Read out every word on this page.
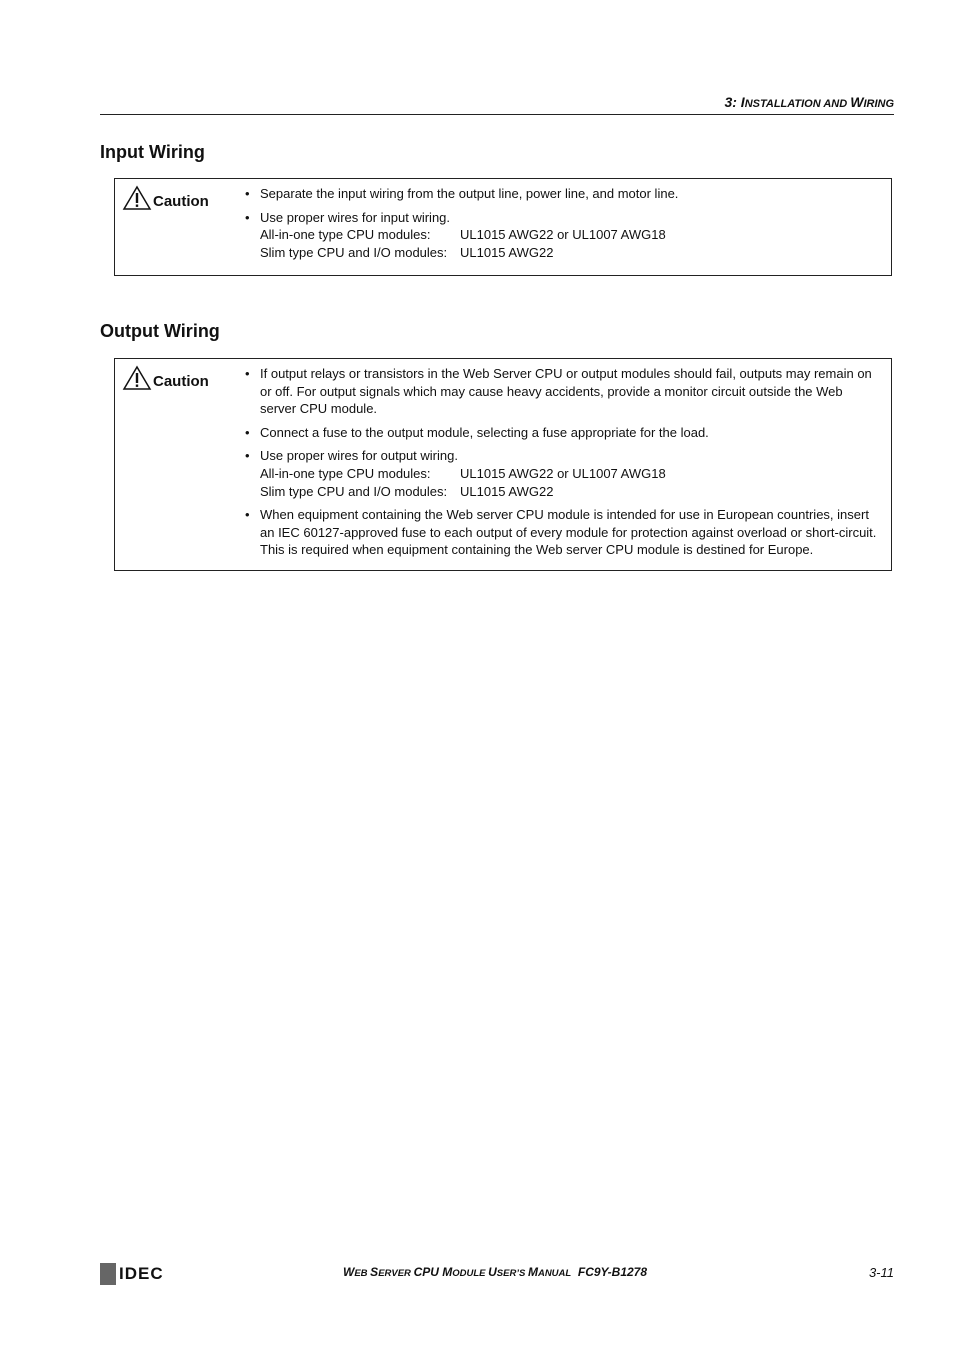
3: INSTALLATION AND WIRING
Input Wiring
Caution	• Separate the input wiring from the output line, power line, and motor line.
• Use proper wires for input wiring.
All-in-one type CPU modules:	UL1015 AWG22 or UL1007 AWG18
Slim type CPU and I/O modules: UL1015 AWG22
Output Wiring
Caution	• If output relays or transistors in the Web Server CPU or output modules should fail, outputs may remain on or off. For output signals which may cause heavy accidents, provide a monitor circuit outside the Web server CPU module.
• Connect a fuse to the output module, selecting a fuse appropriate for the load.
• Use proper wires for output wiring.
All-in-one type CPU modules:	UL1015 AWG22 or UL1007 AWG18
Slim type CPU and I/O modules: UL1015 AWG22
• When equipment containing the Web server CPU module is intended for use in European countries, insert an IEC 60127-approved fuse to each output of every module for protection against overload or short-circuit. This is required when equipment containing the Web server CPU module is destined for Europe.
IDEC	WEB SERVER CPU MODULE USER’S MANUAL FC9Y-B1278	3-11
